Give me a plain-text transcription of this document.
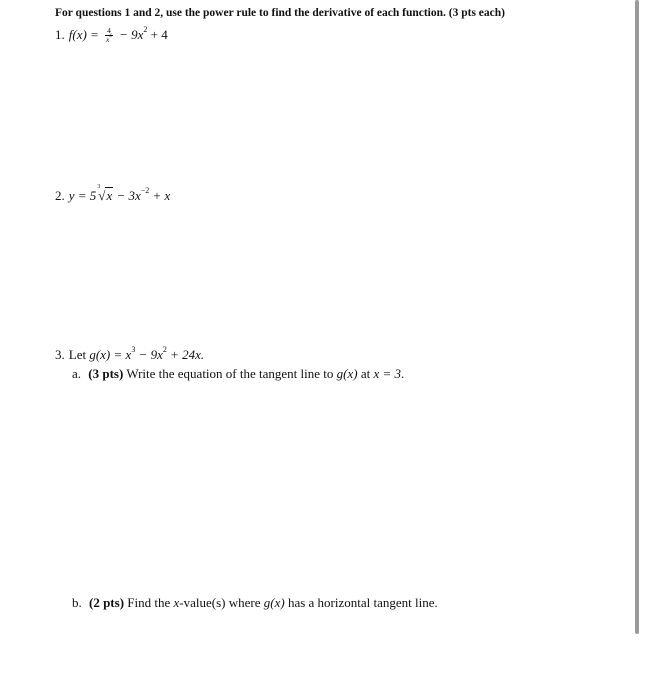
For questions 1 and 2, use the power rule to find the derivative of each function. (3 pts each)
1. $f(x) = \frac{4}{x^6} - 9x^2 + 4$
2. y = 5
3
$√x - 3x^{-2} + x$
3. Let $g(x) = x^3 - 9x^2 + 24x$.
a. (3 pts) Write the equation of the tangent line to g(x) at x = 3.
b. (2 pts) Find the x-value(s) where g(x) has a horizontal tangent line.
